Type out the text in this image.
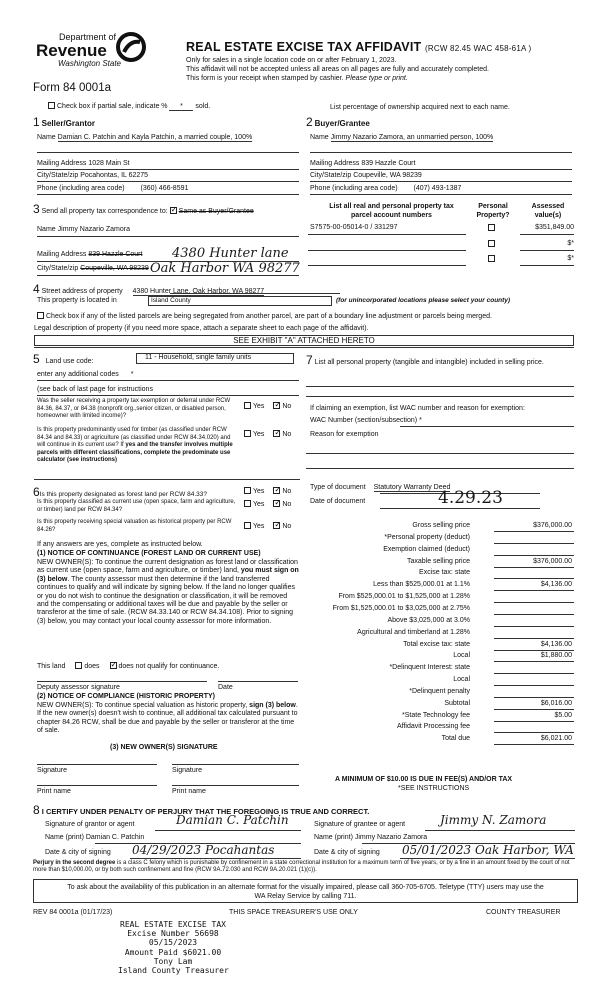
Department of
Revenue
Washington State
Form 84 0001a
REAL ESTATE EXCISE TAX AFFIDAVIT (RCW 82.45 WAC 458-61A )
Only for sales in a single location code on or after February 1, 2023.
This affidavit will not be accepted unless all areas on all pages are fully and accurately completed.
This form is your receipt when stamped by cashier. Please type or print.
Check box if partial sale, indicate % * sold.	List percentage of ownership acquired next to each name.
1 Seller/Grantor
Name Damian C. Patchin and Kayla Patchin, a married couple, 100%
Mailing Address 1028 Main St
City/State/zip Pocahontas, IL 62275
Phone (including area code) (360) 466-8591
2 Buyer/Grantee
Name Jimmy Nazario Zamora, an unmarried person, 100%
Mailing Address 839 Hazzle Court
City/State/zip Coupeville, WA 98239
Phone (including area code) (407) 493-1387
3 Send all property tax correspondence to: ✓ Same as Buyer/Grantee
Name Jimmy Nazario Zamora
Mailing Address 839 Hazzle Court 4380 Hunter lane
City/State/zip Coupeville, WA 98239 Oak Harbor WA 98277
List all real and personal property tax
parcel account numbers
Personal
Property?
Assessed
value(s)
S7575-00-05014-0 / 331297	$351,849.00
$*
$*
4 Street address of property 4380 Hunter Lane, Oak Harbor, WA 98277
This property is located in	Island County	(for unincorporated locations please select your county)
Check box if any of the listed parcels are being segregated from another parcel, are part of a boundary line adjustment or parcels being merged.
Legal description of property (if you need more space, attach a separate sheet to each page of the affidavit).
SEE EXHIBIT "A" ATTACHED HERETO
5 Land use code:
11 - Household, single family units
enter any additional codes *
(see back of last page for instructions
Was the seller receiving a property tax exemption or deferral under RCW 84.36, 84.37, or 84.38 (nonprofit org.,senior citizen, or disabled person, homeowner with limited income)?
Yes ✓	No
Is this property predominantly used for timber (as classified under RCW 84.34 and 84.33) or agriculture (as classified under RCW 84.34.020) and will continue in its current use? If yes and the transfer involves multiple parcels with different classifications, complete the predominate use calculator (see instructions)
Yes ✓	No
6Is this property designated as forest land per RCW 84.33?	Yes ✓	No
Is this property classified as current use (open space, farm and agriculture, or timber) land per RCW 84.34?
Yes ✓	No
Is this property receiving special valuation as historical property per RCW 84.26?	Yes ✓	No
If any answers are yes, complete as instructed below.
(1) NOTICE OF CONTINUANCE (FOREST LAND OR CURRENT USE)
NEW OWNER(S): To continue the current designation as forest land or classification as current use (open space, farm and agriculture, or timber) land, you must sign on (3) below. The county assessor must then determine if the land transferred continues to qualify and will indicate by signing below. If the land no longer qualifies or you do not wish to continue the designation or classification, it will be removed and the compensating or additional taxes will be due and payable by the seller or transferor at the time of sale. (RCW 84.33.140 or RCW 84.34.108). Prior to signing (3) below, you may contact your local county assessor for more information.
This land	does ✓	does not qualify for continuance.
Deputy assessor signature	Date
(2) NOTICE OF COMPLIANCE (HISTORIC PROPERTY)
NEW OWNER(S): To continue special valuation as historic property, sign (3) below. If the new owner(s) doesn't wish to continue, all additional tax calculated pursuant to chapter 84.26 RCW, shall be due and payable by the seller or transferor at the time of sale.
(3) NEW OWNER(S) SIGNATURE
Signature	Signature
Print name	Print name
7 List all personal property (tangible and intangible) included in selling price.
If claiming an exemption, list WAC number and reason for exemption:
WAC Number (section/subsection) *
Reason for exemption
Type of document Statutory Warranty Deed
Date of document	4.29.23
Gross selling price	$376,000.00
*Personal property (deduct)
Exemption claimed (deduct)
Taxable selling price	$376,000.00
Excise tax: state
Less than $525,000.01 at 1.1%	$4,136.00
From $525,000.01 to $1,525,000 at 1.28%
From $1,525,000.01 to $3,025,000 at 2.75%
Above $3,025,000 at 3.0%
Agricultural and timberland at 1.28%
Total excise tax: state	$4,136.00
Local	$1,880.00
*Delinquent Interest: state
Local
*Delinquent penalty
Subtotal	$6,016.00
*State Technology fee	$5.00
Affidavit Processing fee
Total due	$6,021.00
A MINIMUM OF $10.00 IS DUE IN FEE(S) AND/OR TAX
*SEE INSTRUCTIONS
8 I CERTIFY UNDER PENALTY OF PERJURY THAT THE FOREGOING IS TRUE AND CORRECT.
Signature of grantor or agent	Damian C. Patchin	Signature of grantee or agent	Jimmy N. Zamora
Name (print) Damian C. Patchin	Name (print) Jimmy Nazario Zamora
Date & city of signing 04/29/2023 Pocahantas	Date & city of signing 05/01/2023 Oak Harbor, WA
Perjury in the second degree is a class C felony which is punishable by confinement in a state correctional institution for a maximum term of five years, or by a fine in an amount fixed by the court of not more than $10,000.00, or by both such confinement and fine (RCW 9A.72.030 and RCW 9A.20.021 (1)(c)).
To ask about the availability of this publication in an alternate format for the visually impaired, please call 360-705-6705. Teletype (TTY) users may use the WA Relay Service by calling 711.
REV 84 0001a (01/17/23)	THIS SPACE TREASURER'S USE ONLY	COUNTY TREASURER
REAL ESTATE EXCISE TAX
Excise Number 56698
05/15/2023
Amount Paid $6021.00
Tony Lam
Island County Treasurer
